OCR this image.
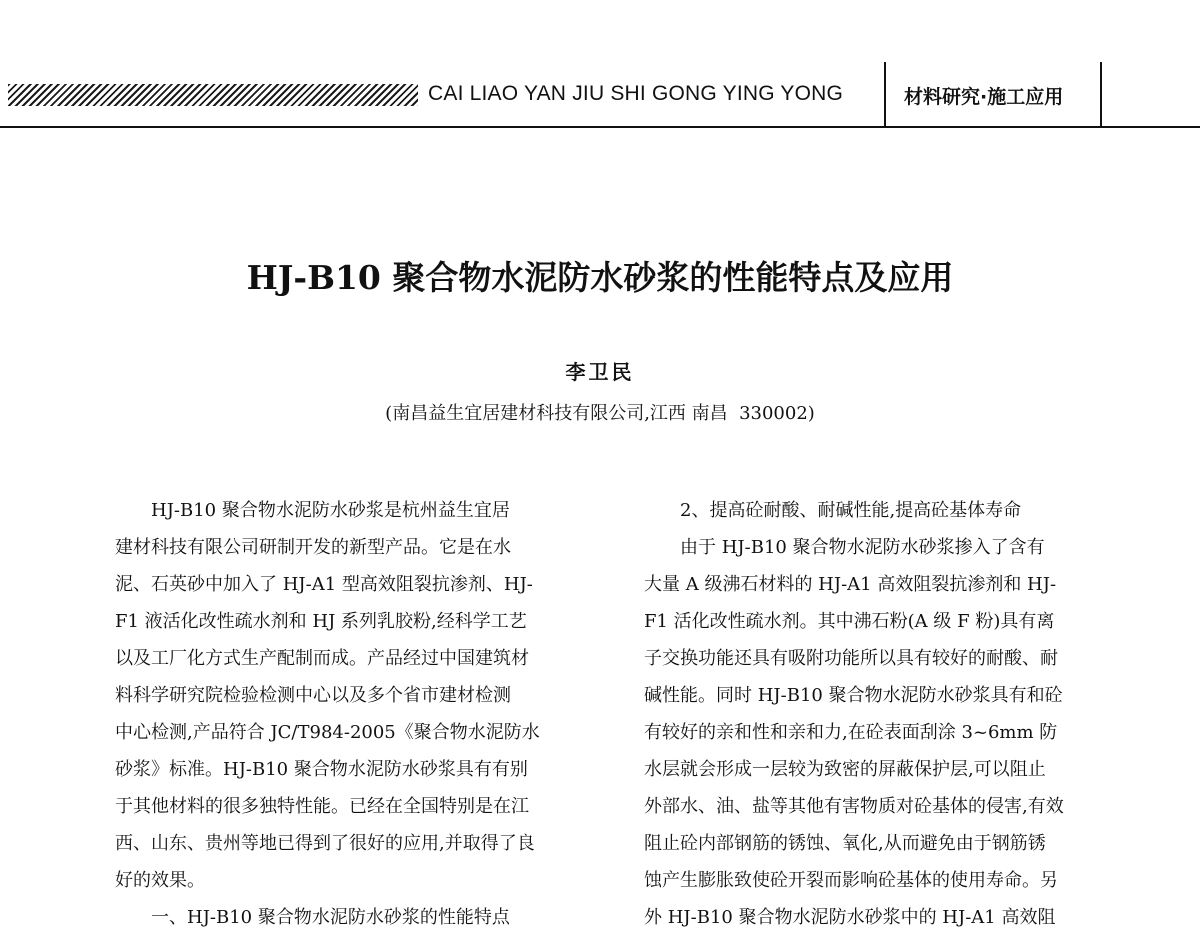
CAI LIAO YAN JIU SHI GONG YING YONG	材料研究·施工应用
HJ-B10 聚合物水泥防水砂浆的性能特点及应用
李卫民
(南昌益生宜居建材科技有限公司,江西 南昌  330002)
HJ-B10 聚合物水泥防水砂浆是杭州益生宜居
建材科技有限公司研制开发的新型产品。它是在水
泥、石英砂中加入了 HJ-A1 型高效阻裂抗渗剂、HJ-
F1 液活化改性疏水剂和 HJ 系列乳胶粉,经科学工艺
以及工厂化方式生产配制而成。产品经过中国建筑材
料科学研究院检验检测中心以及多个省市建材检测
中心检测,产品符合 JC/T984-2005《聚合物水泥防水
砂浆》标准。HJ-B10 聚合物水泥防水砂浆具有有别
于其他材料的很多独特性能。已经在全国特别是在江
西、山东、贵州等地已得到了很好的应用,并取得了良
好的效果。
一、HJ-B10 聚合物水泥防水砂浆的性能特点
2、提高砼耐酸、耐碱性能,提高砼基体寿命
由于 HJ-B10 聚合物水泥防水砂浆掺入了含有
大量 A 级沸石材料的 HJ-A1 高效阻裂抗渗剂和 HJ-
F1 活化改性疏水剂。其中沸石粉(A 级 F 粉)具有离
子交换功能还具有吸附功能所以具有较好的耐酸、耐
碱性能。同时 HJ-B10 聚合物水泥防水砂浆具有和砼
有较好的亲和性和亲和力,在砼表面刮涂 3~6mm 防
水层就会形成一层较为致密的屏蔽保护层,可以阻止
外部水、油、盐等其他有害物质对砼基体的侵害,有效
阻止砼内部钢筋的锈蚀、氧化,从而避免由于钢筋锈
蚀产生膨胀致使砼开裂而影响砼基体的使用寿命。另
外 HJ-B10 聚合物水泥防水砂浆中的 HJ-A1 高效阻
